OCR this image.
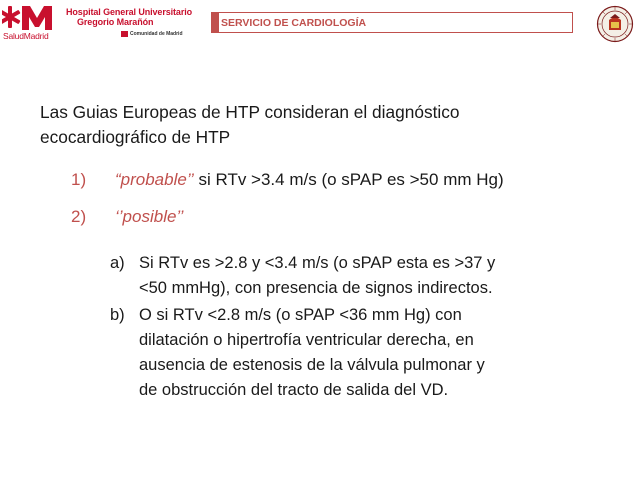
SaludMadrid
Hospital General Universitario
Gregorio Marañón
Comunidad de Madrid
SERVICIO DE CARDIOLOGÍA
Las Guias Europeas de HTP consideran el diagnóstico
ecocardiográfico de HTP
1) “probable’’ si RTv >3.4 m/s (o sPAP es >50 mm Hg)
2) ‘’posible’’
a) Si RTv es >2.8 y <3.4 m/s (o sPAP esta es >37 y
<50 mmHg), con presencia de signos indirectos.
b) O si RTv <2.8 m/s (o sPAP <36 mm Hg) con
dilatación o hipertrofía ventricular derecha, en
ausencia de estenosis de la válvula pulmonar y
de obstrucción del tracto de salida del VD.
